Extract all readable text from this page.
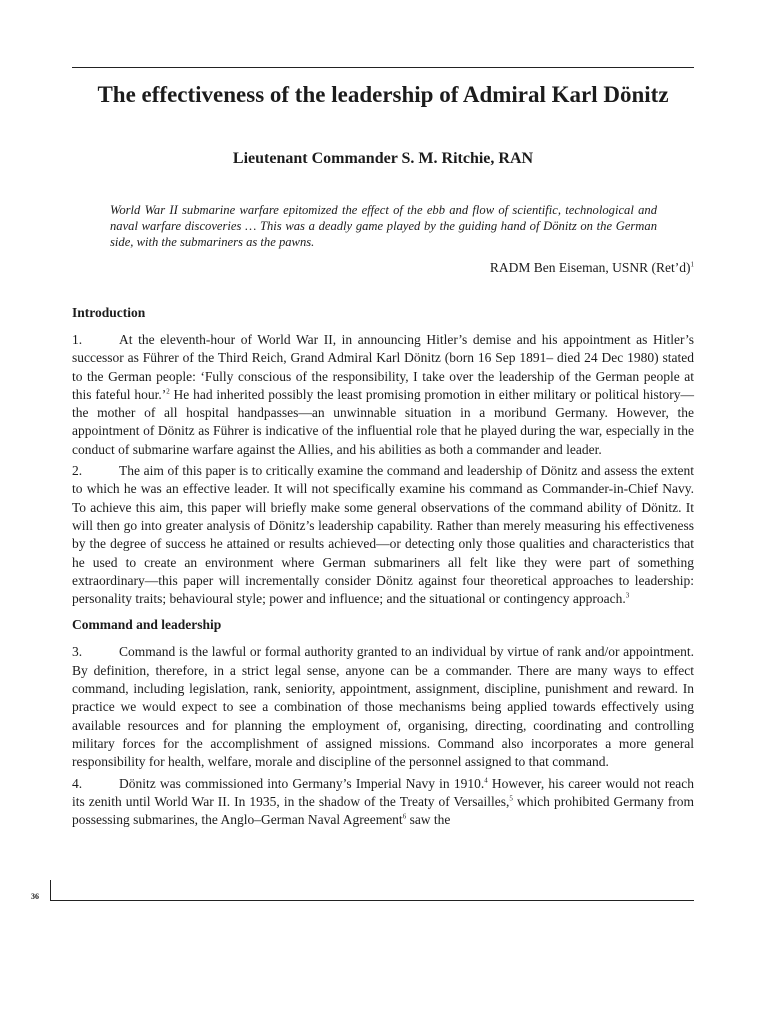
The effectiveness of the leadership of Admiral Karl Dönitz
Lieutenant Commander S. M. Ritchie, RAN

World War II submarine warfare epitomized the effect of the ebb and flow of scientific, technological and naval warfare discoveries … This was a deadly game played by the guiding hand of Dönitz on the German side, with the submariners as the pawns.

RADM Ben Eiseman, USNR (Ret’d)$^1$
Introduction

1.	At the eleventh-hour of World War II, in announcing Hitler’s demise and his appointment as Hitler’s successor as Führer of the Third Reich, Grand Admiral Karl Dönitz (born 16 Sep 1891– died 24 Dec 1980) stated to the German people: ‘Fully conscious of the responsibility, I take over the leadership of the German people at this fateful hour.’$^2$ He had inherited possibly the least promising promotion in either military or political history—the mother of all hospital handpasses—an unwinnable situation in a moribund Germany. However, the appointment of Dönitz as Führer is indicative of the influential role that he played during the war, especially in the conduct of submarine warfare against the Allies, and his abilities as both a commander and leader.

2.	The aim of this paper is to critically examine the command and leadership of Dönitz and assess the extent to which he was an effective leader. It will not specifically examine his command as Commander-in-Chief Navy. To achieve this aim, this paper will briefly make some general observations of the command ability of Dönitz. It will then go into greater analysis of Dönitz’s leadership capability. Rather than merely measuring his effectiveness by the degree of success he attained or results achieved—or detecting only those qualities and characteristics that he used to create an environment where German submariners all felt like they were part of something extraordinary—this paper will incrementally consider Dönitz against four theoretical approaches to leadership: personality traits; behavioural style; power and influence; and the situational or contingency approach.$^3$

Command and leadership

3.	Command is the lawful or formal authority granted to an individual by virtue of rank and/or appointment. By definition, therefore, in a strict legal sense, anyone can be a commander. There are many ways to effect command, including legislation, rank, seniority, appointment, assignment, discipline, punishment and reward. In practice we would expect to see a combination of those mechanisms being applied towards effectively using available resources and for planning the employment of, organising, directing, coordinating and controlling military forces for the accomplishment of assigned missions. Command also incorporates a more general responsibility for health, welfare, morale and discipline of the personnel assigned to that command.

4.	Dönitz was commissioned into Germany’s Imperial Navy in 1910.$^4$ However, his career would not reach its zenith until World War II. In 1935, in the shadow of the Treaty of Versailles,$^5$ which prohibited Germany from possessing submarines, the Anglo–German Naval Agreement$^6$ saw the

36
